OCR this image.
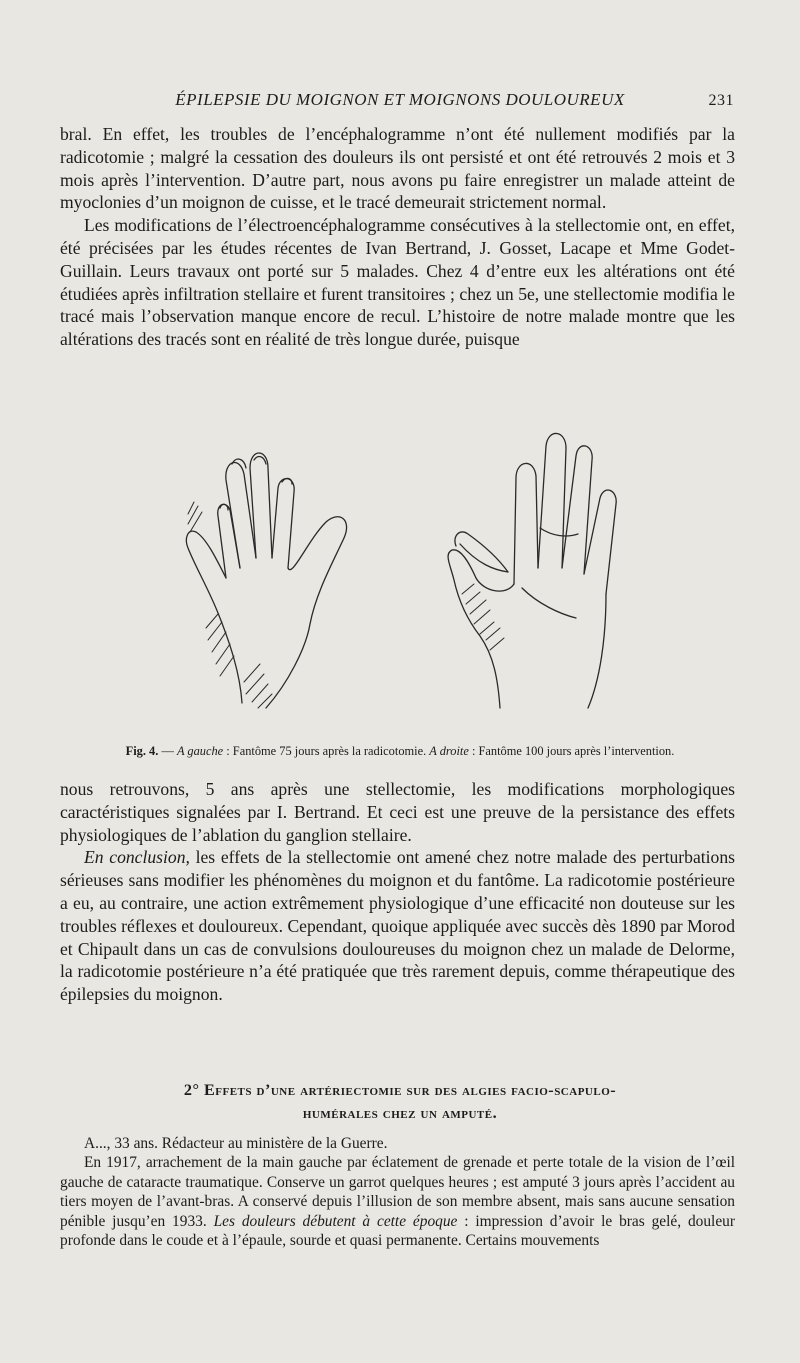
ÉPILEPSIE DU MOIGNON ET MOIGNONS DOULOUREUX	231

bral. En effet, les troubles de l’encéphalogramme n’ont été nullement modifiés par la radicotomie ; malgré la cessation des douleurs ils ont persisté et ont été retrouvés 2 mois et 3 mois après l’intervention. D’autre part, nous avons pu faire enregistrer un malade atteint de myoclonies d’un moignon de cuisse, et le tracé demeurait strictement normal.

Les modifications de l’électroencéphalogramme consécutives à la stellectomie ont, en effet, été précisées par les études récentes de Ivan Bertrand, J. Gosset, Lacape et Mme Godet-Guillain. Leurs travaux ont porté sur 5 malades. Chez 4 d’entre eux les altérations ont été étudiées après infiltration stellaire et furent transitoires ; chez un 5e, une stellectomie modifia le tracé mais l’observation manque encore de recul. L’histoire de notre malade montre que les altérations des tracés sont en réalité de très longue durée, puisque

Fig. 4. — A gauche : Fantôme 75 jours après la radicotomie. A droite : Fantôme 100 jours après l’intervention.

nous retrouvons, 5 ans après une stellectomie, les modifications morphologiques caractéristiques signalées par I. Bertrand. Et ceci est une preuve de la persistance des effets physiologiques de l’ablation du ganglion stellaire.

En conclusion, les effets de la stellectomie ont amené chez notre malade des perturbations sérieuses sans modifier les phénomènes du moignon et du fantôme. La radicotomie postérieure a eu, au contraire, une action extrêmement physiologique d’une efficacité non douteuse sur les troubles réflexes et douloureux. Cependant, quoique appliquée avec succès dès 1890 par Morod et Chipault dans un cas de convulsions douloureuses du moignon chez un malade de Delorme, la radicotomie postérieure n’a été pratiquée que très rarement depuis, comme thérapeutique des épilepsies du moignon.

2° Effets d’une artériectomie sur des algies facio-scapulo-
humérales chez un amputé.

A..., 33 ans. Rédacteur au ministère de la Guerre.

En 1917, arrachement de la main gauche par éclatement de grenade et perte totale de la vision de l’œil gauche de cataracte traumatique. Conserve un garrot quelques heures ; est amputé 3 jours après l’accident au tiers moyen de l’avant-bras. A conservé depuis l’illusion de son membre absent, mais sans aucune sensation pénible jusqu’en 1933. Les douleurs débutent à cette époque : impression d’avoir le bras gelé, douleur profonde dans le coude et à l’épaule, sourde et quasi permanente. Certains mouvements
